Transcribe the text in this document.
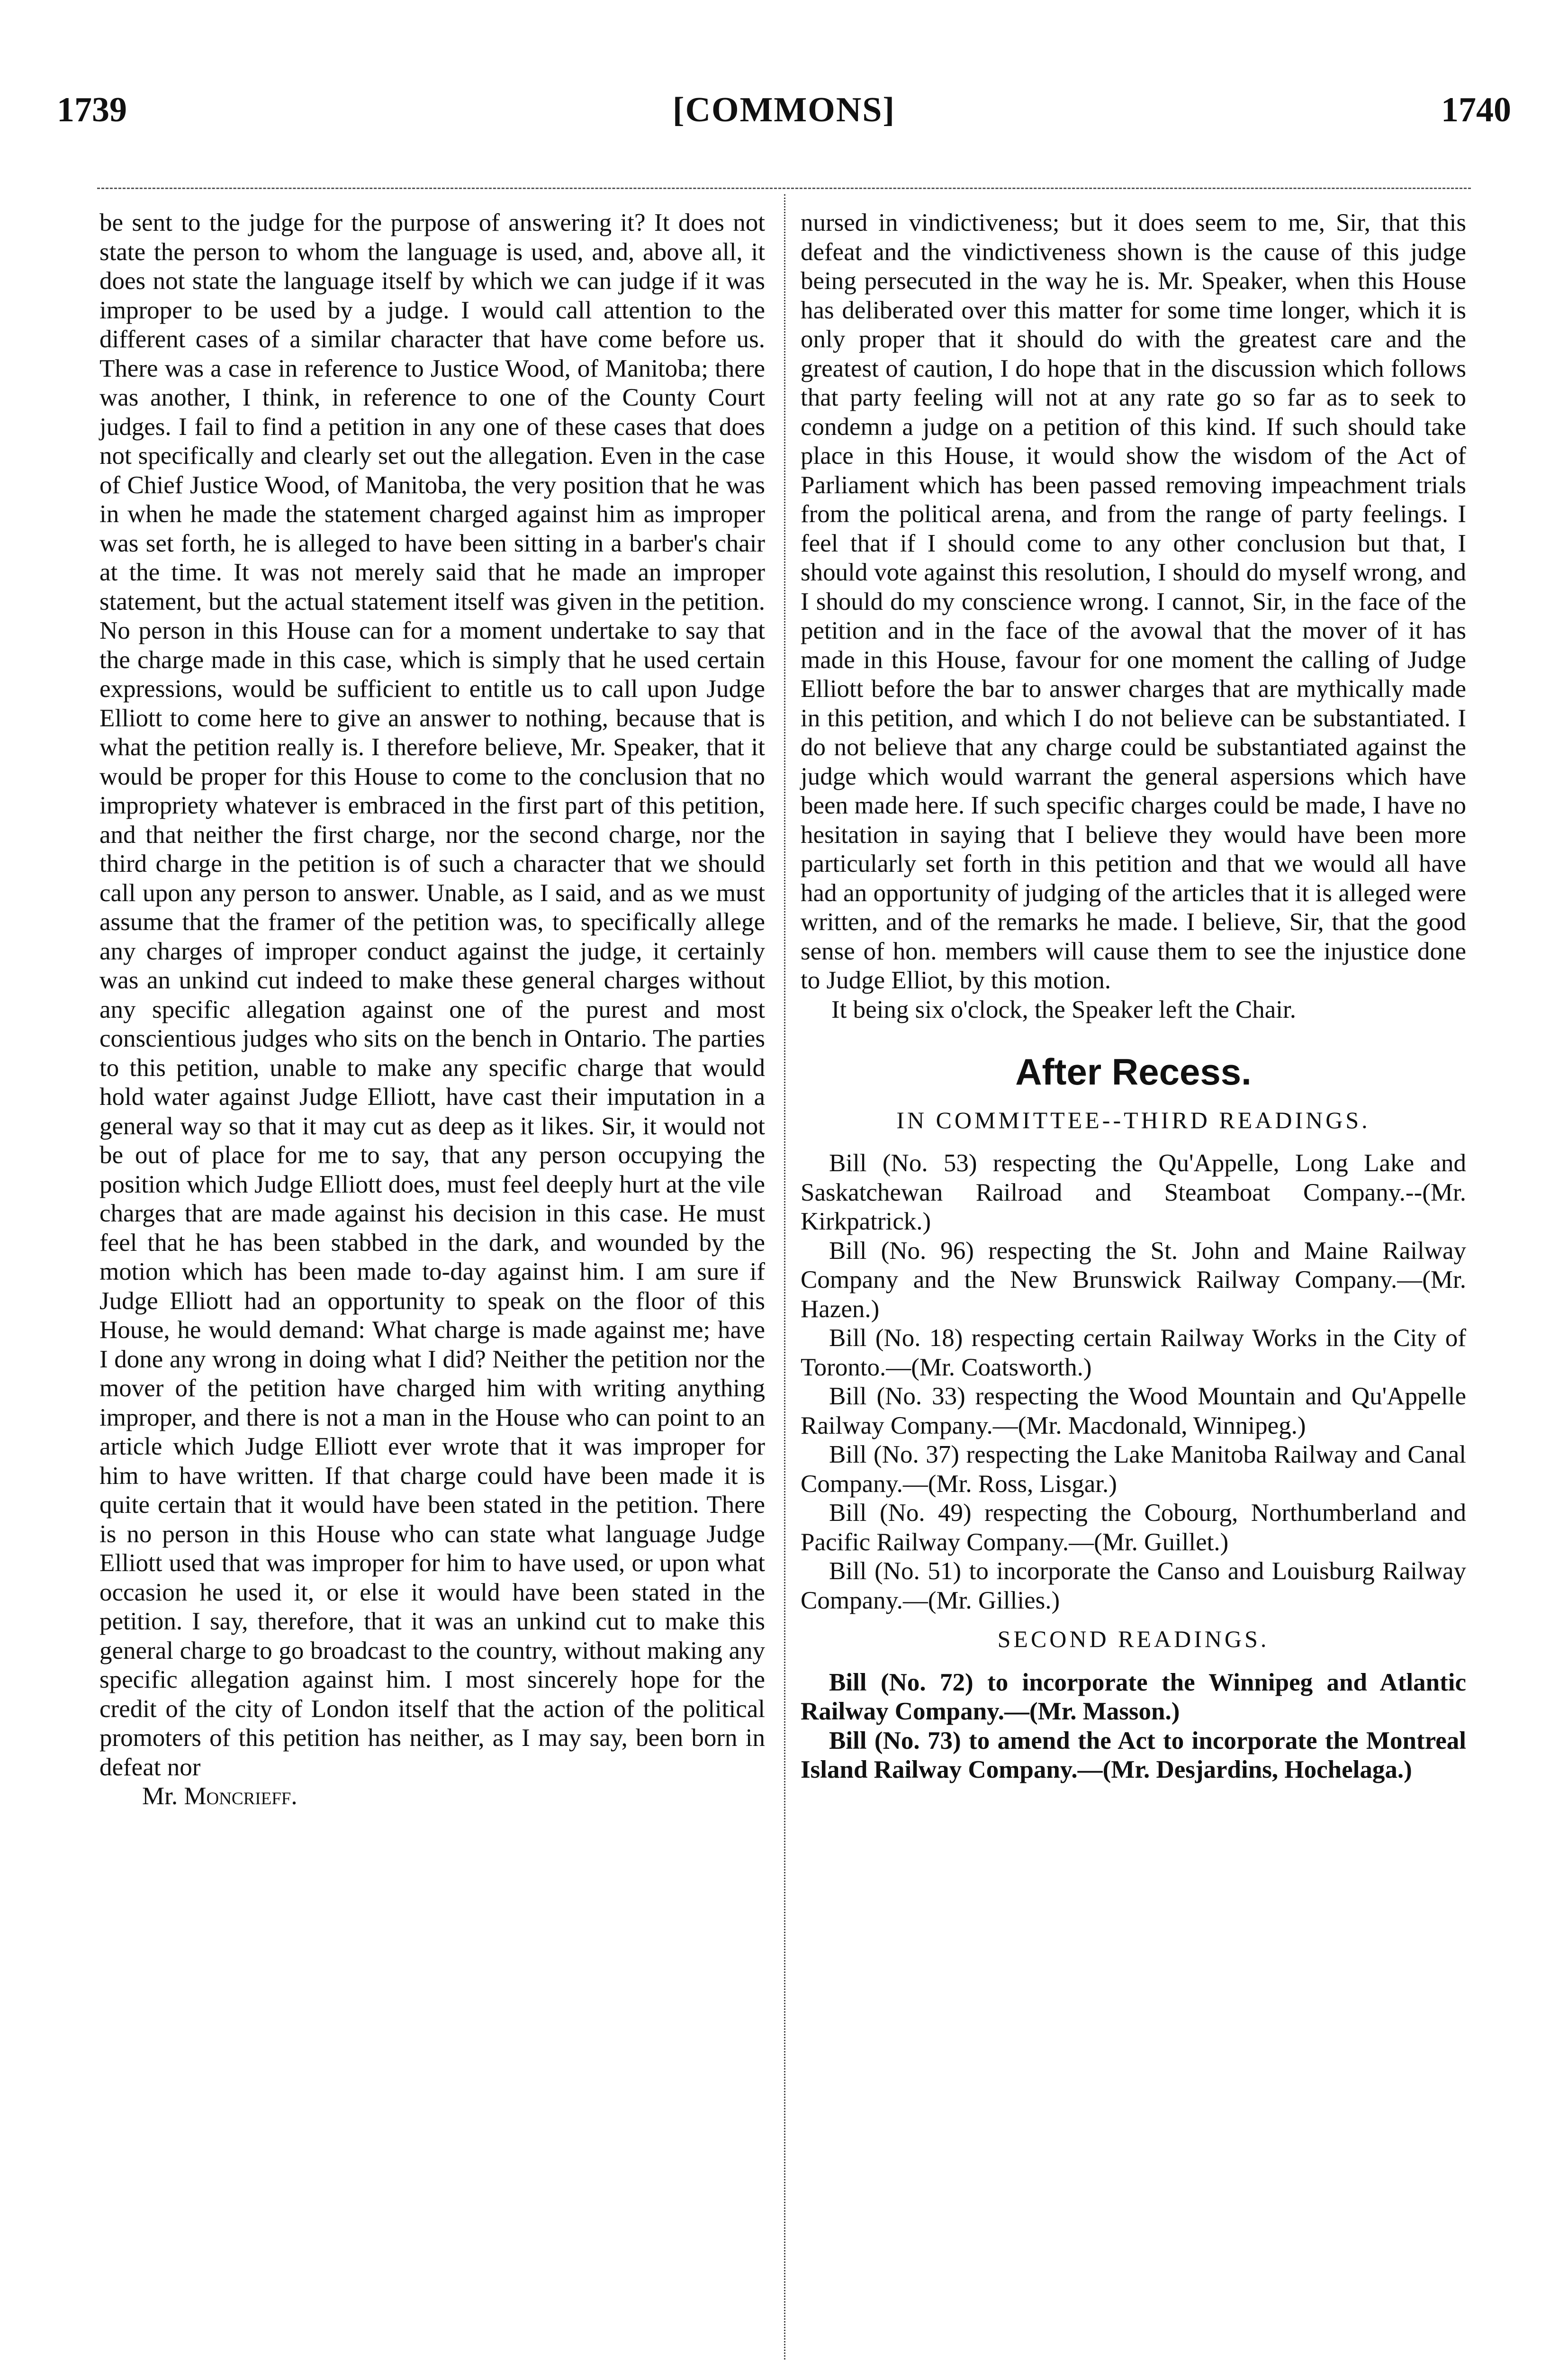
1739	[COMMONS]	1740

be sent to the judge for the purpose of answering it? It does not state the person to whom the language is used, and, above all, it does not state the language itself by which we can judge if it was improper to be used by a judge. I would call attention to the different cases of a similar character that have come before us. There was a case in reference to Justice Wood, of Manitoba; there was another, I think, in reference to one of the County Court judges. I fail to find a petition in any one of these cases that does not specifically and clearly set out the allegation. Even in the case of Chief Justice Wood, of Manitoba, the very position that he was in when he made the statement charged against him as improper was set forth, he is alleged to have been sitting in a barber's chair at the time. It was not merely said that he made an improper statement, but the actual statement itself was given in the petition. No person in this House can for a moment undertake to say that the charge made in this case, which is simply that he used certain expressions, would be sufficient to entitle us to call upon Judge Elliott to come here to give an answer to nothing, because that is what the petition really is. I therefore believe, Mr. Speaker, that it would be proper for this House to come to the conclusion that no impropriety whatever is embraced in the first part of this petition, and that neither the first charge, nor the second charge, nor the third charge in the petition is of such a character that we should call upon any person to answer. Unable, as I said, and as we must assume that the framer of the petition was, to specifically allege any charges of improper conduct against the judge, it certainly was an unkind cut indeed to make these general charges without any specific allegation against one of the purest and most conscientious judges who sits on the bench in Ontario. The parties to this petition, unable to make any specific charge that would hold water against Judge Elliott, have cast their imputation in a general way so that it may cut as deep as it likes. Sir, it would not be out of place for me to say, that any person occupying the position which Judge Elliott does, must feel deeply hurt at the vile charges that are made against his decision in this case. He must feel that he has been stabbed in the dark, and wounded by the motion which has been made to-day against him. I am sure if Judge Elliott had an opportunity to speak on the floor of this House, he would demand: What charge is made against me; have I done any wrong in doing what I did? Neither the petition nor the mover of the petition have charged him with writing anything improper, and there is not a man in the House who can point to an article which Judge Elliott ever wrote that it was improper for him to have written. If that charge could have been made it is quite certain that it would have been stated in the petition. There is no person in this House who can state what language Judge Elliott used that was improper for him to have used, or upon what occasion he used it, or else it would have been stated in the petition. I say, therefore, that it was an unkind cut to make this general charge to go broadcast to the country, without making any specific allegation against him. I most sincerely hope for the credit of the city of London itself that the action of the political promoters of this petition has neither, as I may say, been born in defeat nor

Mr. Moncrieff.

nursed in vindictiveness; but it does seem to me, Sir, that this defeat and the vindictiveness shown is the cause of this judge being persecuted in the way he is. Mr. Speaker, when this House has deliberated over this matter for some time longer, which it is only proper that it should do with the greatest care and the greatest of caution, I do hope that in the discussion which follows that party feeling will not at any rate go so far as to seek to condemn a judge on a petition of this kind. If such should take place in this House, it would show the wisdom of the Act of Parliament which has been passed removing impeachment trials from the political arena, and from the range of party feelings. I feel that if I should come to any other conclusion but that, I should vote against this resolution, I should do myself wrong, and I should do my conscience wrong. I cannot, Sir, in the face of the petition and in the face of the avowal that the mover of it has made in this House, favour for one moment the calling of Judge Elliott before the bar to answer charges that are mythically made in this petition, and which I do not believe can be substantiated. I do not believe that any charge could be substantiated against the judge which would warrant the general aspersions which have been made here. If such specific charges could be made, I have no hesitation in saying that I believe they would have been more particularly set forth in this petition and that we would all have had an opportunity of judging of the articles that it is alleged were written, and of the remarks he made. I believe, Sir, that the good sense of hon. members will cause them to see the injustice done to Judge Elliot, by this motion.

It being six o'clock, the Speaker left the Chair.

After Recess.
IN COMMITTEE--THIRD READINGS.

Bill (No. 53) respecting the Qu'Appelle, Long Lake and Saskatchewan Railroad and Steamboat Company.--(Mr. Kirkpatrick.)

Bill (No. 96) respecting the St. John and Maine Railway Company and the New Brunswick Railway Company.—(Mr. Hazen.)

Bill (No. 18) respecting certain Railway Works in the City of Toronto.—(Mr. Coatsworth.)

Bill (No. 33) respecting the Wood Mountain and Qu'Appelle Railway Company.—(Mr. Macdonald, Winnipeg.)

Bill (No. 37) respecting the Lake Manitoba Railway and Canal Company.—(Mr. Ross, Lisgar.)

Bill (No. 49) respecting the Cobourg, Northumberland and Pacific Railway Company.—(Mr. Guillet.)

Bill (No. 51) to incorporate the Canso and Louisburg Railway Company.—(Mr. Gillies.)

SECOND READINGS.

Bill (No. 72) to incorporate the Winnipeg and Atlantic Railway Company.—(Mr. Masson.)

Bill (No. 73) to amend the Act to incorporate the Montreal Island Railway Company.—(Mr. Desjardins, Hochelaga.)
